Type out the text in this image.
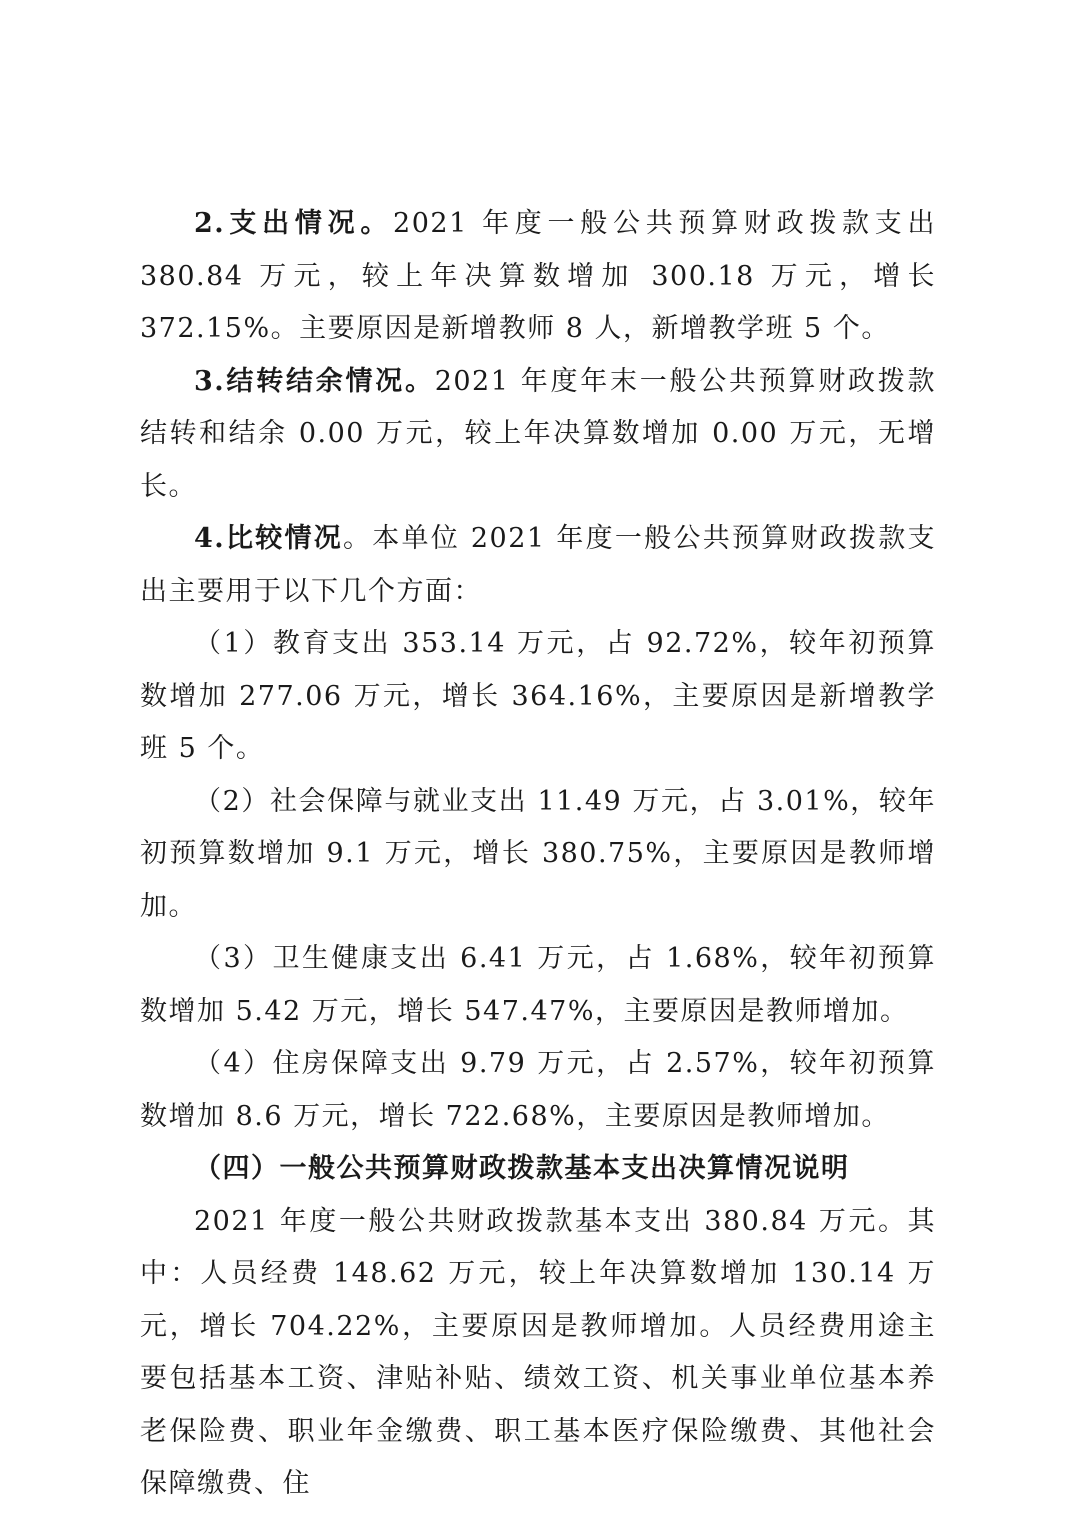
2.支出情况。2021 年度一般公共预算财政拨款支出 380.84 万元，较上年决算数增加 300.18 万元，增长 372.15%。主要原因是新增教师 8 人，新增教学班 5 个。

3.结转结余情况。2021 年度年末一般公共预算财政拨款结转和结余 0.00 万元，较上年决算数增加 0.00 万元，无增长。

4.比较情况。本单位 2021 年度一般公共预算财政拨款支出主要用于以下几个方面：

（1）教育支出 353.14 万元，占 92.72%，较年初预算数增加 277.06 万元，增长 364.16%，主要原因是新增教学班 5 个。

（2）社会保障与就业支出 11.49 万元，占 3.01%，较年初预算数增加 9.1 万元，增长 380.75%，主要原因是教师增加。

（3）卫生健康支出 6.41 万元，占 1.68%，较年初预算数增加 5.42 万元，增长 547.47%，主要原因是教师增加。

（4）住房保障支出 9.79 万元，占 2.57%，较年初预算数增加 8.6 万元，增长 722.68%，主要原因是教师增加。

（四）一般公共预算财政拨款基本支出决算情况说明

2021 年度一般公共财政拨款基本支出 380.84 万元。其中：人员经费 148.62 万元，较上年决算数增加 130.14 万元，增长 704.22%，主要原因是教师增加。人员经费用途主要包括基本工资、津贴补贴、绩效工资、机关事业单位基本养老保险费、职业年金缴费、职工基本医疗保险缴费、其他社会保障缴费、住
